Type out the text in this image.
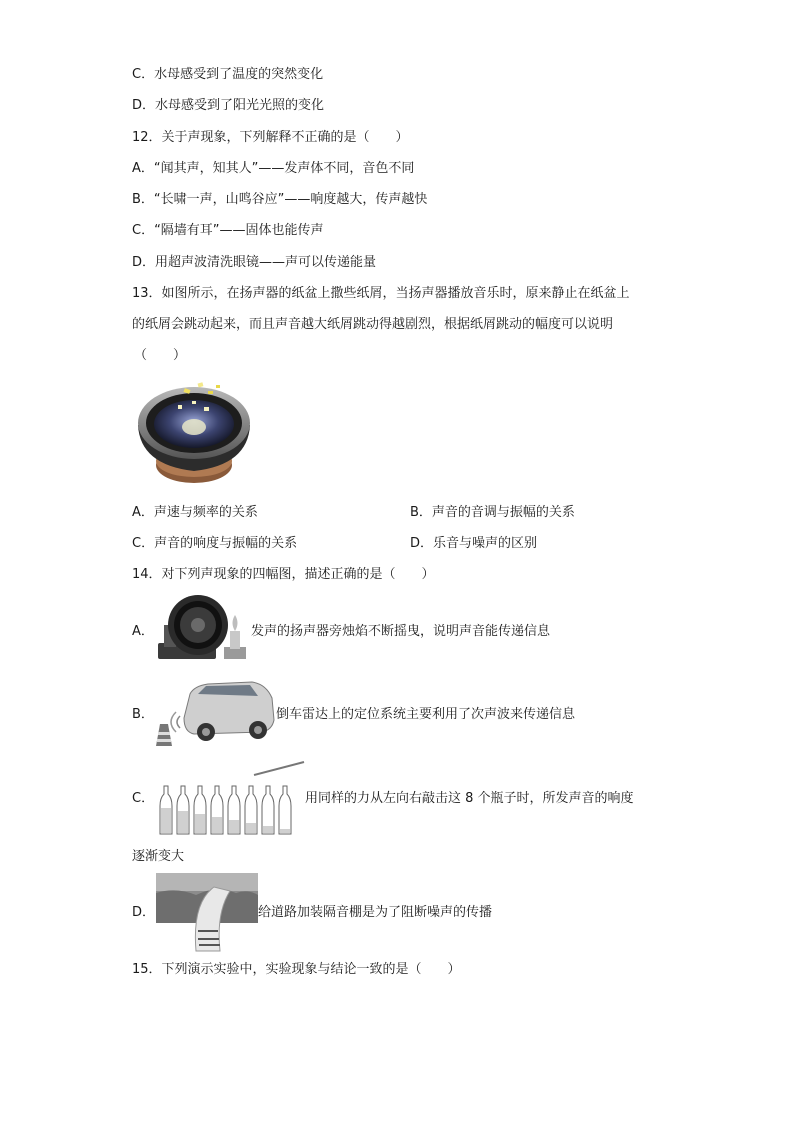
C．水母感受到了温度的突然变化
D．水母感受到了阳光光照的变化
12．关于声现象，下列解释不正确的是（　　）
A．“闻其声，知其人”——发声体不同，音色不同
B．“长啸一声，山鸣谷应”——响度越大，传声越快
C．“隔墙有耳”——固体也能传声
D．用超声波清洗眼镜——声可以传递能量
13．如图所示，在扬声器的纸盆上撒些纸屑，当扬声器播放音乐时，原来静止在纸盆上
的纸屑会跳动起来，而且声音越大纸屑跳动得越剧烈，根据纸屑跳动的幅度可以说明
（　　）
A．声速与频率的关系	B．声音的音调与振幅的关系
C．声音的响度与振幅的关系	D．乐音与噪声的区别
14．对下列声现象的四幅图，描述正确的是（　　）
A．	发声的扬声器旁烛焰不断摇曳，说明声音能传递信息
B．	倒车雷达上的定位系统主要利用了次声波来传递信息
C．	用同样的力从左向右敲击这 8 个瓶子时，所发声音的响度
逐渐变大
D．	给道路加装隔音棚是为了阻断噪声的传播
15．下列演示实验中，实验现象与结论一致的是（　　）
